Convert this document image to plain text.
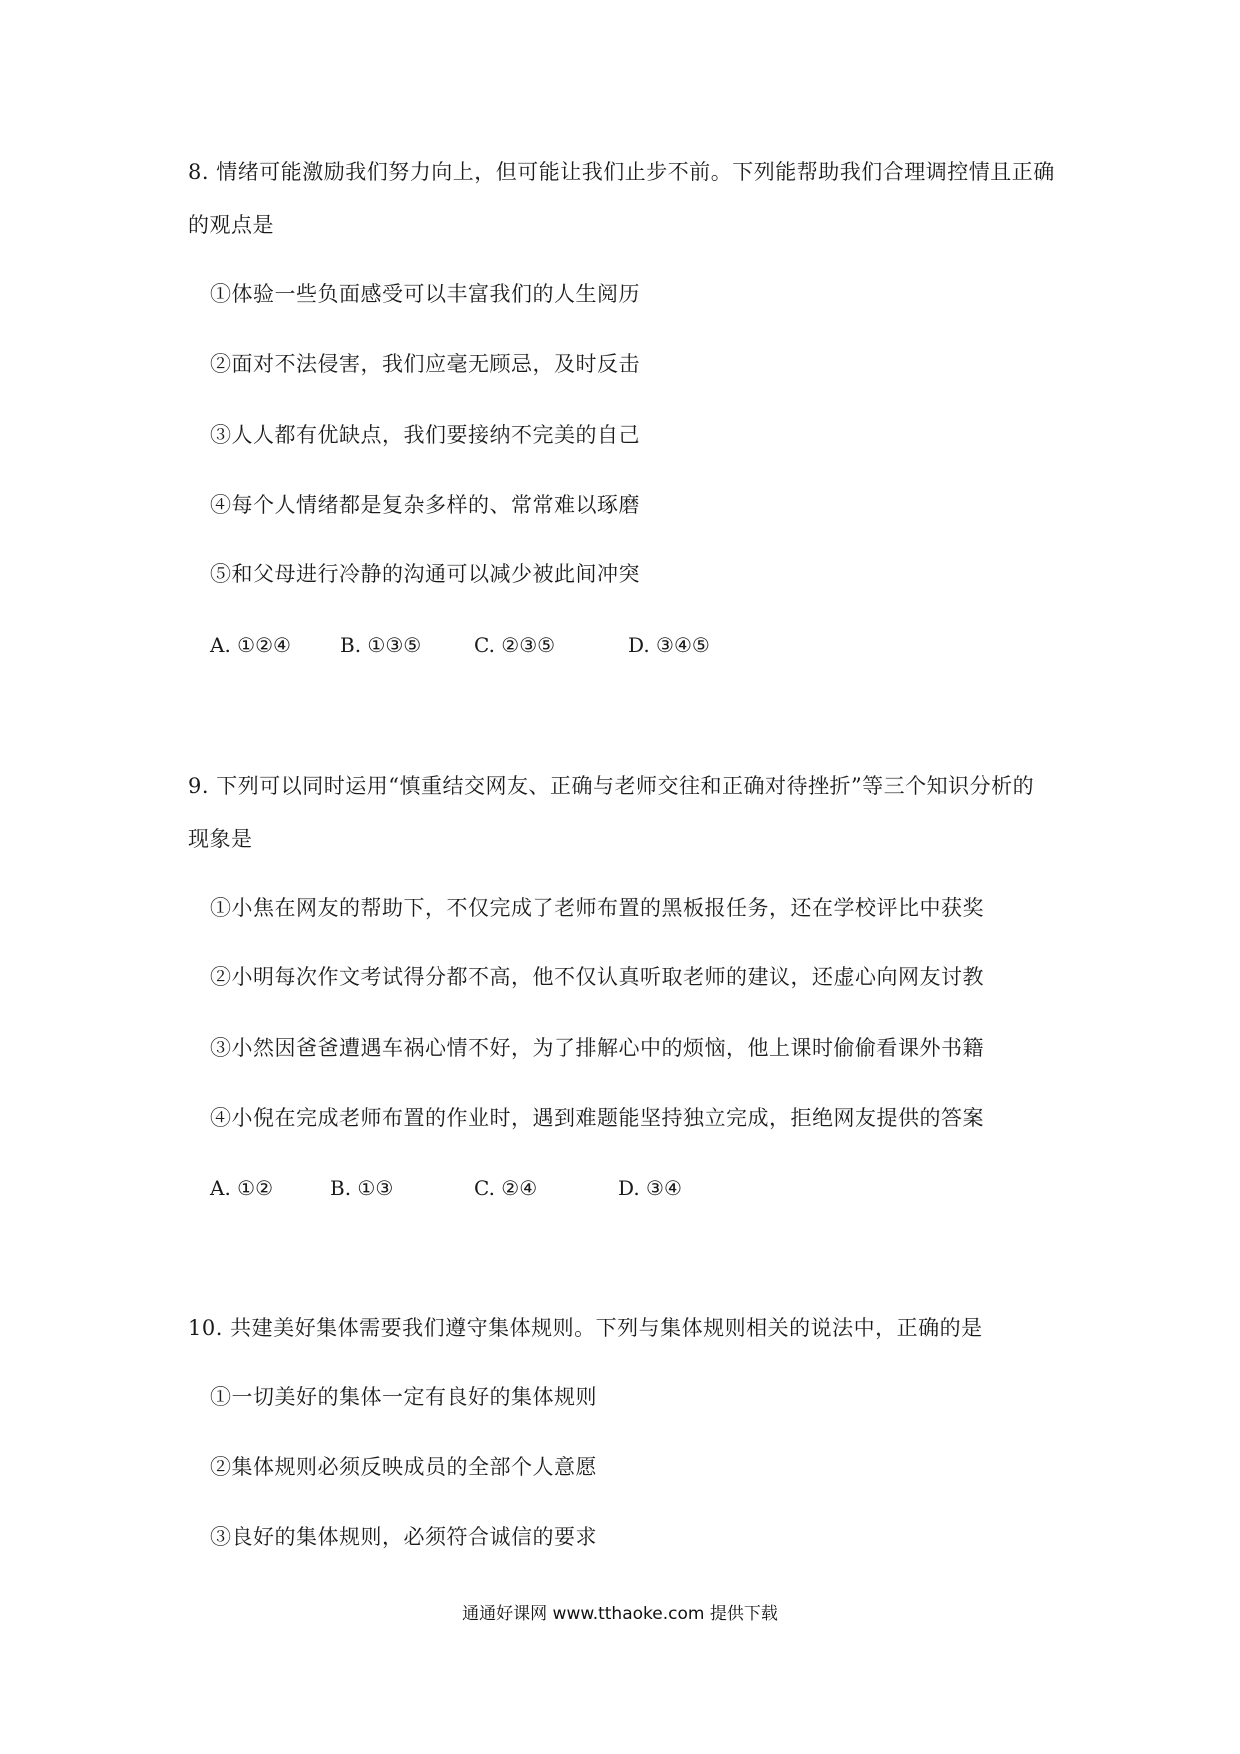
8. 情绪可能激励我们努力向上，但可能让我们止步不前。下列能帮助我们合理调控情且正确
的观点是
①体验一些负面感受可以丰富我们的人生阅历
②面对不法侵害，我们应毫无顾忌，及时反击
③人人都有优缺点，我们要接纳不完美的自己
④每个人情绪都是复杂多样的、常常难以琢磨
⑤和父母进行冷静的沟通可以减少被此间冲突
A. ①②④ B. ①③⑤	C. ②③⑤	D. ③④⑤
9. 下列可以同时运用“慎重结交网友、正确与老师交往和正确对待挫折”等三个知识分析的
现象是
①小焦在网友的帮助下，不仅完成了老师布置的黑板报任务，还在学校评比中获奖
②小明每次作文考试得分都不高，他不仅认真听取老师的建议，还虚心向网友讨教
③小然因爸爸遭遇车祸心情不好，为了排解心中的烦恼，他上课时偷偷看课外书籍
④小倪在完成老师布置的作业时，遇到难题能坚持独立完成，拒绝网友提供的答案
A. ①②	B. ①③	C. ②④	D. ③④
10. 共建美好集体需要我们遵守集体规则。下列与集体规则相关的说法中，正确的是
①一切美好的集体一定有良好的集体规则
②集体规则必须反映成员的全部个人意愿
③良好的集体规则，必须符合诚信的要求
通通好课网 www.tthaoke.com 提供下载
